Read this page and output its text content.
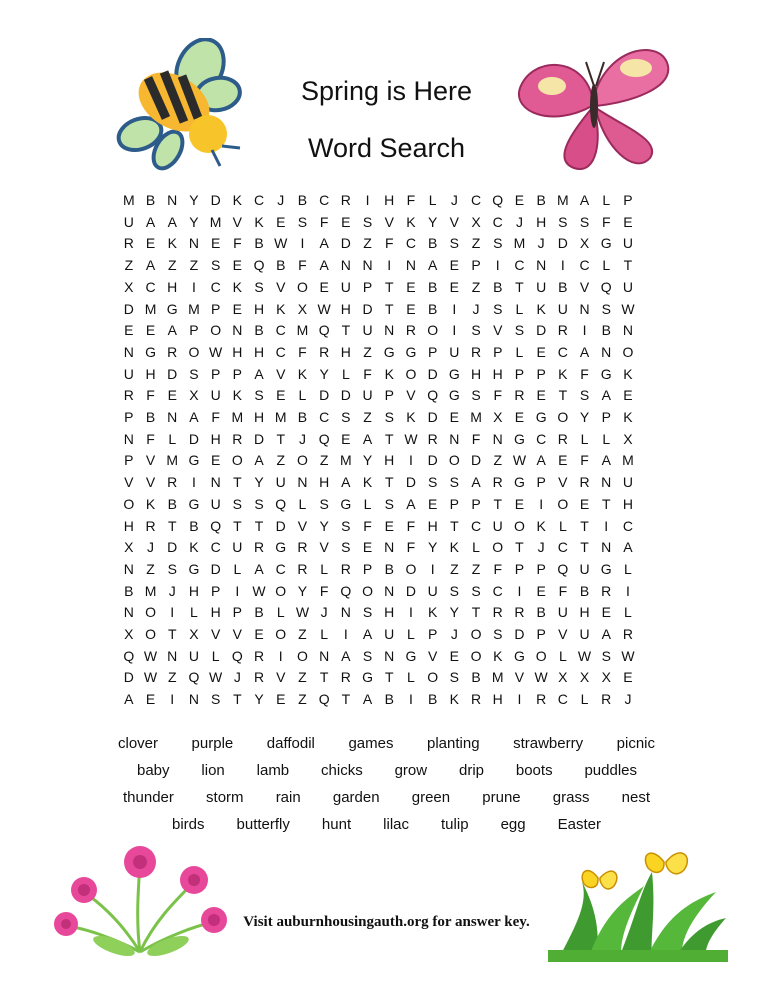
Spring is Here
Word Search
M B N Y D K C J B C R	I	H F L	J C Q E B M A L P
U A A Y M V K E S F E S V K Y V X C J H S S F E
R E K N E F B W I	A D Z F C B S Z S M J D X G U
Z A Z Z S E Q B F A N N	I	N A E P	I	C N	I	C L T
X C H	I	C K S V O E U P T E B E Z B T U B V Q U
D M G M P E H K X W H D T E B	I	J S L K U N S W
E E A P O N B C M Q T U N R O	I	S V S D R	I	B N
N G R O W H H C F R H Z G G P U R P L E C A N O
U H D S P P A V K Y L F K O D G H H P P K F G K
R F E X U K S E L D D U P V Q G S F R E T S A E
P B N A F M H M B C S Z S K D E M X E G O Y P K
N F L D H R D T J Q E A T W R N F N G C R L L X
P V M G E O A Z O Z M Y H	I	D O D Z W A E F A M
V V R	I	N T Y U N H A K T D S S A R G P V R N U
O K B G U S S Q L S G L S A E P P T E	I	O E T H
H R T B Q T T D V Y S F E F H T C U O K L T	I	C
X J D K C U R G R V S E N F Y K L O T J C T N A
N Z S G D L A C R L R P B O	I	Z Z F P P Q U G L
B M J H P	I W O Y F Q O N D U S S C	I	E F B R	I
N O	I	L H P B L W J N S H	I	K Y T R R B U H E L
X O T X V V E O Z L	I	A U L P J O S D P V U A R
Q W N U L Q R	I	O N A S N G V E O K G O L W S W
D W Z Q W J R V Z T R G T L O S B M V W X X X E
A E	I	N S T Y E Z Q T A B	I	B K R H	I	R C L R J
clover purple daffodil games planting strawberry picnic
baby lion lamb chicks grow drip boots puddles
thunder storm rain garden green prune grass nest
birds butterfly hunt lilac tulip egg Easter
Visit auburnhousingauth.org for answer key.
